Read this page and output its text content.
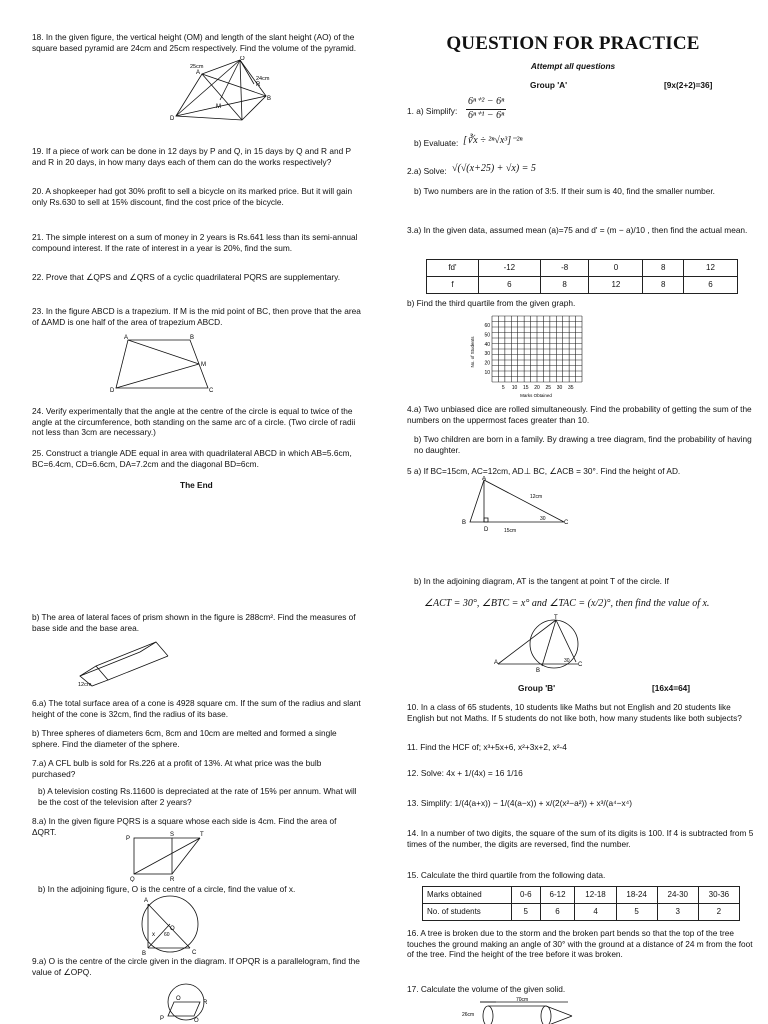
18. In the given figure, the vertical height (OM) and length of the slant height (AO) of the square based pyramid are 24cm and 25cm respectively. Find the volume of the pyramid.

O
A
B
D
M
R
25cm
24cm

19. If a piece of work can be done in 12 days by P and Q, in 15 days by Q and R and P and R in 20 days, in how many days each of them can do the works respectively?

20. A shopkeeper had got 30% profit to sell a bicycle on its marked price. But it will gain only Rs.630 to sell at 15% discount, find the cost price of the bicycle.

21. The simple interest on a sum of money in 2 years is Rs.641 less than its semi-annual compound interest. If the rate of interest in a year is 20%, find the sum.

22. Prove that ∠QPS and ∠QRS of a cyclic quadrilateral PQRS are supplementary.

23. In the figure ABCD is a trapezium. If M is the mid point of BC, then prove that the area of ΔAMD is one half of the area of trapezium ABCD.

A	B
C
D
M

24. Verify experimentally that the angle at the centre of the circle is equal to twice of the angle at the circumference, both standing on the same arc of a circle. (Two circle of radii not less than 3cm are necessary.)

25. Construct a triangle ADE equal in area with quadrilateral ABCD in which AB=5.6cm, BC=6.4cm, CD=6.6cm, DA=7.2cm and the diagonal BD=6cm.

The End

b) The area of lateral faces of prism shown in the figure is 288cm². Find the measures of base side and the base area.

12cm

6.a) The total surface area of a cone is 4928 square cm. If the sum of the radius and slant height of the cone is 32cm, find the radius of its base.

b) Three spheres of diameters 6cm, 8cm and 10cm are melted and formed a single sphere. Find the diameter of the sphere.

7.a) A CFL bulb is sold for Rs.226 at a profit of 13%. At what price was the bulb purchased?

b) A television costing Rs.11600 is depreciated at the rate of 15% per annum. What will be the cost of the television after 2 years?

8.a) In the given figure PQRS is a square whose each side is 4cm. Find the area of ΔQRT.

P
S	T
Q	R

b) In the adjoining figure, O is the centre of a circle, find the value of x.

A
B	C
O
x 60

9.a) O is the centre of the circle given in the diagram. If OPQR is a parallelogram, find the value of ∠OPQ.

O
P	Q
R
QUESTION FOR PRACTICE
Attempt all questions
Group 'A'	[9x(2+2)=36]
1. a) Simplify: $\frac{\text{6ⁿ⁺² − 6ⁿ}}{\text{6ⁿ⁺¹ − 6ⁿ}}$
b) Evaluate: [∛x ÷ ²ⁿ√x³]⁻²ⁿ
2.a) Solve: √(√(x+25) + √x) = 5

b) Two numbers are in the ration of 3:5. If their sum is 40, find the smaller number.

3.a) In the given data, assumed mean (a)=75 and d' = (m − a)/10 , then find the actual mean.

fd'	-12	-8	0	8	12
f	6	8	12	8	6

b) Find the third quartile from the given graph.

No. of Students
Marks Obtained
60
50
40
30
20
10
5 10 15 20 25 30 35

4.a) Two unbiased dice are rolled simultaneously. Find the probability of getting the sum of the numbers on the uppermost faces greater than 10.

b) Two children are born in a family. By drawing a tree diagram, find the probability of having no daughter.

5 a) If BC=15cm, AC=12cm, AD⊥ BC, ∠ACB = 30°. Find the height of AD.

A
B	C
D
12cm
15cm
30

b) In the adjoining diagram, AT is the tangent at point T of the circle. If

∠ACT = 30°, ∠BTC = x° and ∠TAC = (x/2)°, then find the value of x.

T
A
B
C
30
Group 'B'	[16x4=64]

10. In a class of 65 students, 10 students like Maths but not English and 20 students like English but not Maths. If 5 students do not like both, how many students like both subjects?

11. Find the HCF of; x³+5x+6, x²+3x+2, x²-4

12. Solve: 4x + 1/(4x) = 16 1/16

13. Simplify: 1/(4(a+x)) − 1/(4(a−x)) + x/(2(x²−a²)) + x³/(a⁴−x⁴)

14. In a number of two digits, the square of the sum of its digits is 100. If 4 is subtracted from 5 times of the number, the digits are reversed, find the number.

15. Calculate the third quartile from the following data.

Marks obtained	0-6	6-12	12-18	18-24	24-30	30-36
No. of students	5	6	4	5	3	2

16. A tree is broken due to the storm and the broken part bends so that the top of the tree touches the ground making an angle of 30° with the ground at a distance of 24 m from the foot of the tree. Find the height of the tree before it was broken.

17. Calculate the volume of the given solid.

70cm
26cm
